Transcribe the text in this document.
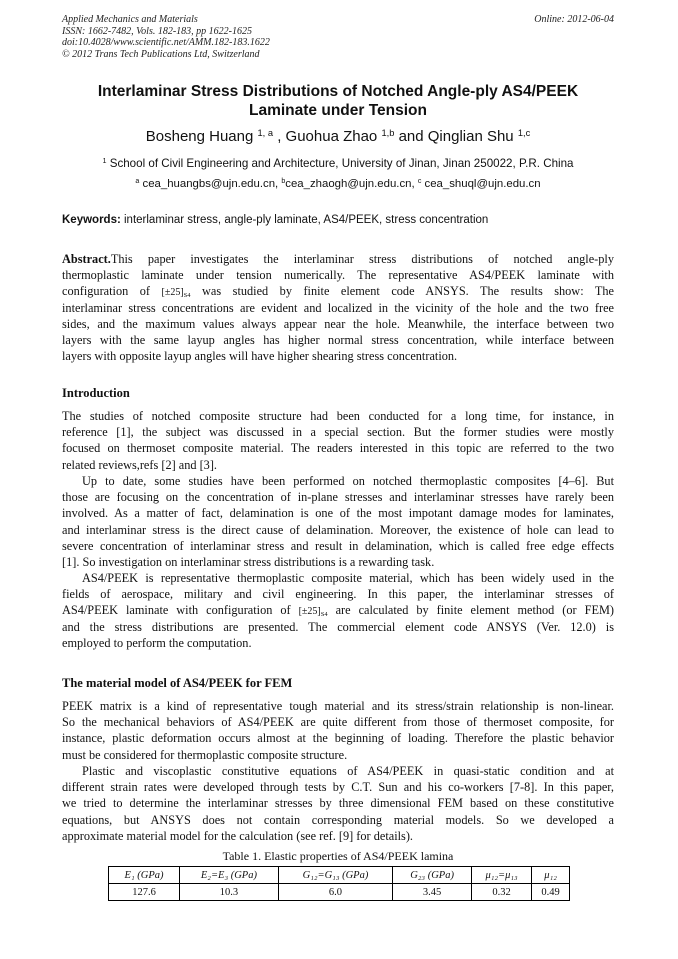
Applied Mechanics and Materials
ISSN: 1662-7482, Vols. 182-183, pp 1622-1625
doi:10.4028/www.scientific.net/AMM.182-183.1622
© 2012 Trans Tech Publications Ltd, Switzerland
Online: 2012-06-04
Interlaminar Stress Distributions of Notched Angle-ply AS4/PEEK
Laminate under Tension
Bosheng Huang $^{1, a}$ , Guohua Zhao $^{1,b}$ and Qinglian Shu $^{1,c}$
$^1$ School of Civil Engineering and Architecture, University of Jinan, Jinan 250022, P.R. China
$^a$ cea_huangbs@ujn.edu.cn, $^b$cea_zhaogh@ujn.edu.cn, $^c$ cea_shuql@ujn.edu.cn
Keywords: interlaminar stress, angle-ply laminate, AS4/PEEK, stress concentration
Abstract.This paper investigates the interlaminar stress distributions of notched angle-ply
thermoplastic laminate under tension numerically. The representative AS4/PEEK laminate with
configuration of $[\pm 25]_{S4}$ was studied by finite element code ANSYS. The results show: The
interlaminar stress concentrations are evident and localized in the vicinity of the hole and the two free
sides, and the maximum values always appear near the hole. Meanwhile, the interface between two
layers with the same layup angles has higher normal stress concentration, while interface between
layers with opposite layup angles will have higher shearing stress concentration.
Introduction
The studies of notched composite structure had been conducted for a long time, for instance, in
reference [1], the subject was discussed in a special section. But the former studies were mostly
focused on thermoset composite material. The readers interested in this topic are referred to the two
related reviews,refs [2] and [3].
Up to date, some studies have been performed on notched thermoplastic composites [4–6]. But
those are focusing on the concentration of in-plane stresses and interlaminar stresses have rarely been
involved. As a matter of fact, delamination is one of the most impotant damage modes for laminates,
and interlaminar stress is the direct cause of delamination. Moreover, the existence of hole can lead to
severe concentration of interlaminar stress and result in delamination, which is called free edge effects
[1]. So investigation on interlaminar stress distributions is a rewarding task.
AS4/PEEK is representative thermoplastic composite material, which has been widely used in the
fields of aerospace, military and civil engineering. In this paper, the interlaminar stresses of
AS4/PEEK laminate with configuration of $[\pm 25]_{S4}$ are calculated by finite element method (or FEM)
and the stress distributions are presented. The commercial element code ANSYS (Ver. 12.0) is
employed to perform the computation.
The material model of AS4/PEEK for FEM
PEEK matrix is a kind of representative tough material and its stress/strain relationship is non-linear.
So the mechanical behaviors of AS4/PEEK are quite different from those of thermoset composite, for
instance, plastic deformation occurs almost at the beginning of loading. Therefore the plastic behavior
must be considered for thermoplastic composite structure.
Plastic and viscoplastic constitutive equations of AS4/PEEK in quasi-static condition and at
different strain rates were developed through tests by C.T. Sun and his co-workers [7-8]. In this paper,
we tried to determine the interlaminar stresses by three dimensional FEM based on these constitutive
equations, but ANSYS does not contain corresponding material models. So we developed a
approximate material model for the calculation (see ref. [9] for details).
Table 1. Elastic properties of AS4/PEEK lamina
E₁ (GPa)	E₂=E₃ (GPa)	G₁₂=G₁₃ (GPa)	G₂₃ (GPa)	μ₁₂=μ₁₃	μ₁₂
127.6	10.3	6.0	3.45	0.32	0.49
